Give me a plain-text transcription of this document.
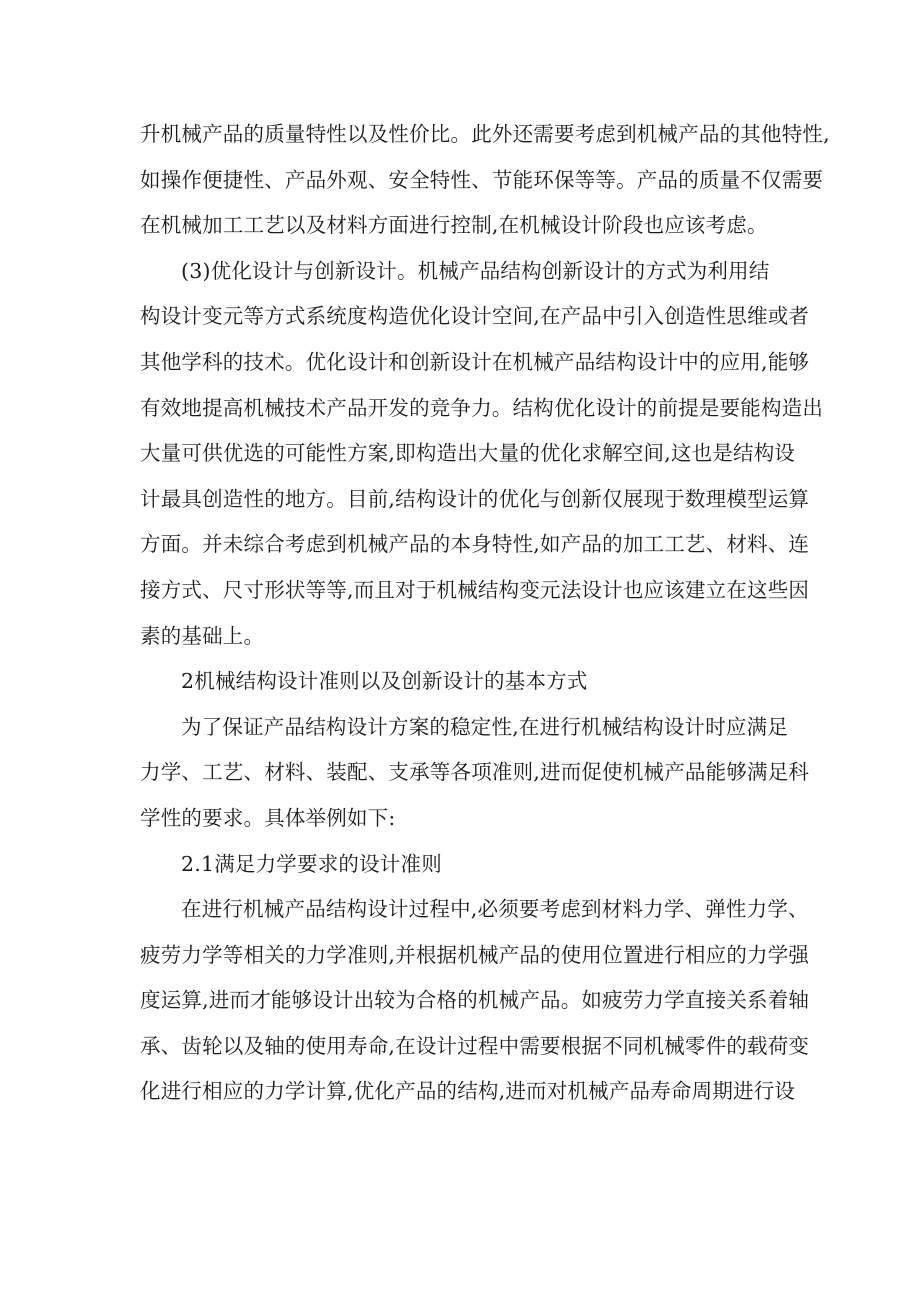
升机械产品的质量特性以及性价比。此外还需要考虑到机械产品的其他特性,
如操作便捷性、产品外观、安全特性、节能环保等等。产品的质量不仅需要
在机械加工工艺以及材料方面进行控制,在机械设计阶段也应该考虑。
(3)优化设计与创新设计。机械产品结构创新设计的方式为利用结
构设计变元等方式系统度构造优化设计空间,在产品中引入创造性思维或者
其他学科的技术。优化设计和创新设计在机械产品结构设计中的应用,能够
有效地提高机械技术产品开发的竞争力。结构优化设计的前提是要能构造出
大量可供优选的可能性方案,即构造出大量的优化求解空间,这也是结构设
计最具创造性的地方。目前,结构设计的优化与创新仅展现于数理模型运算
方面。并未综合考虑到机械产品的本身特性,如产品的加工工艺、材料、连
接方式、尺寸形状等等,而且对于机械结构变元法设计也应该建立在这些因
素的基础上。
2机械结构设计准则以及创新设计的基本方式
为了保证产品结构设计方案的稳定性,在进行机械结构设计时应满足
力学、工艺、材料、装配、支承等各项准则,进而促使机械产品能够满足科
学性的要求。具体举例如下:
2.1满足力学要求的设计准则
在进行机械产品结构设计过程中,必须要考虑到材料力学、弹性力学、
疲劳力学等相关的力学准则,并根据机械产品的使用位置进行相应的力学强
度运算,进而才能够设计出较为合格的机械产品。如疲劳力学直接关系着轴
承、齿轮以及轴的使用寿命,在设计过程中需要根据不同机械零件的载荷变
化进行相应的力学计算,优化产品的结构,进而对机械产品寿命周期进行设
